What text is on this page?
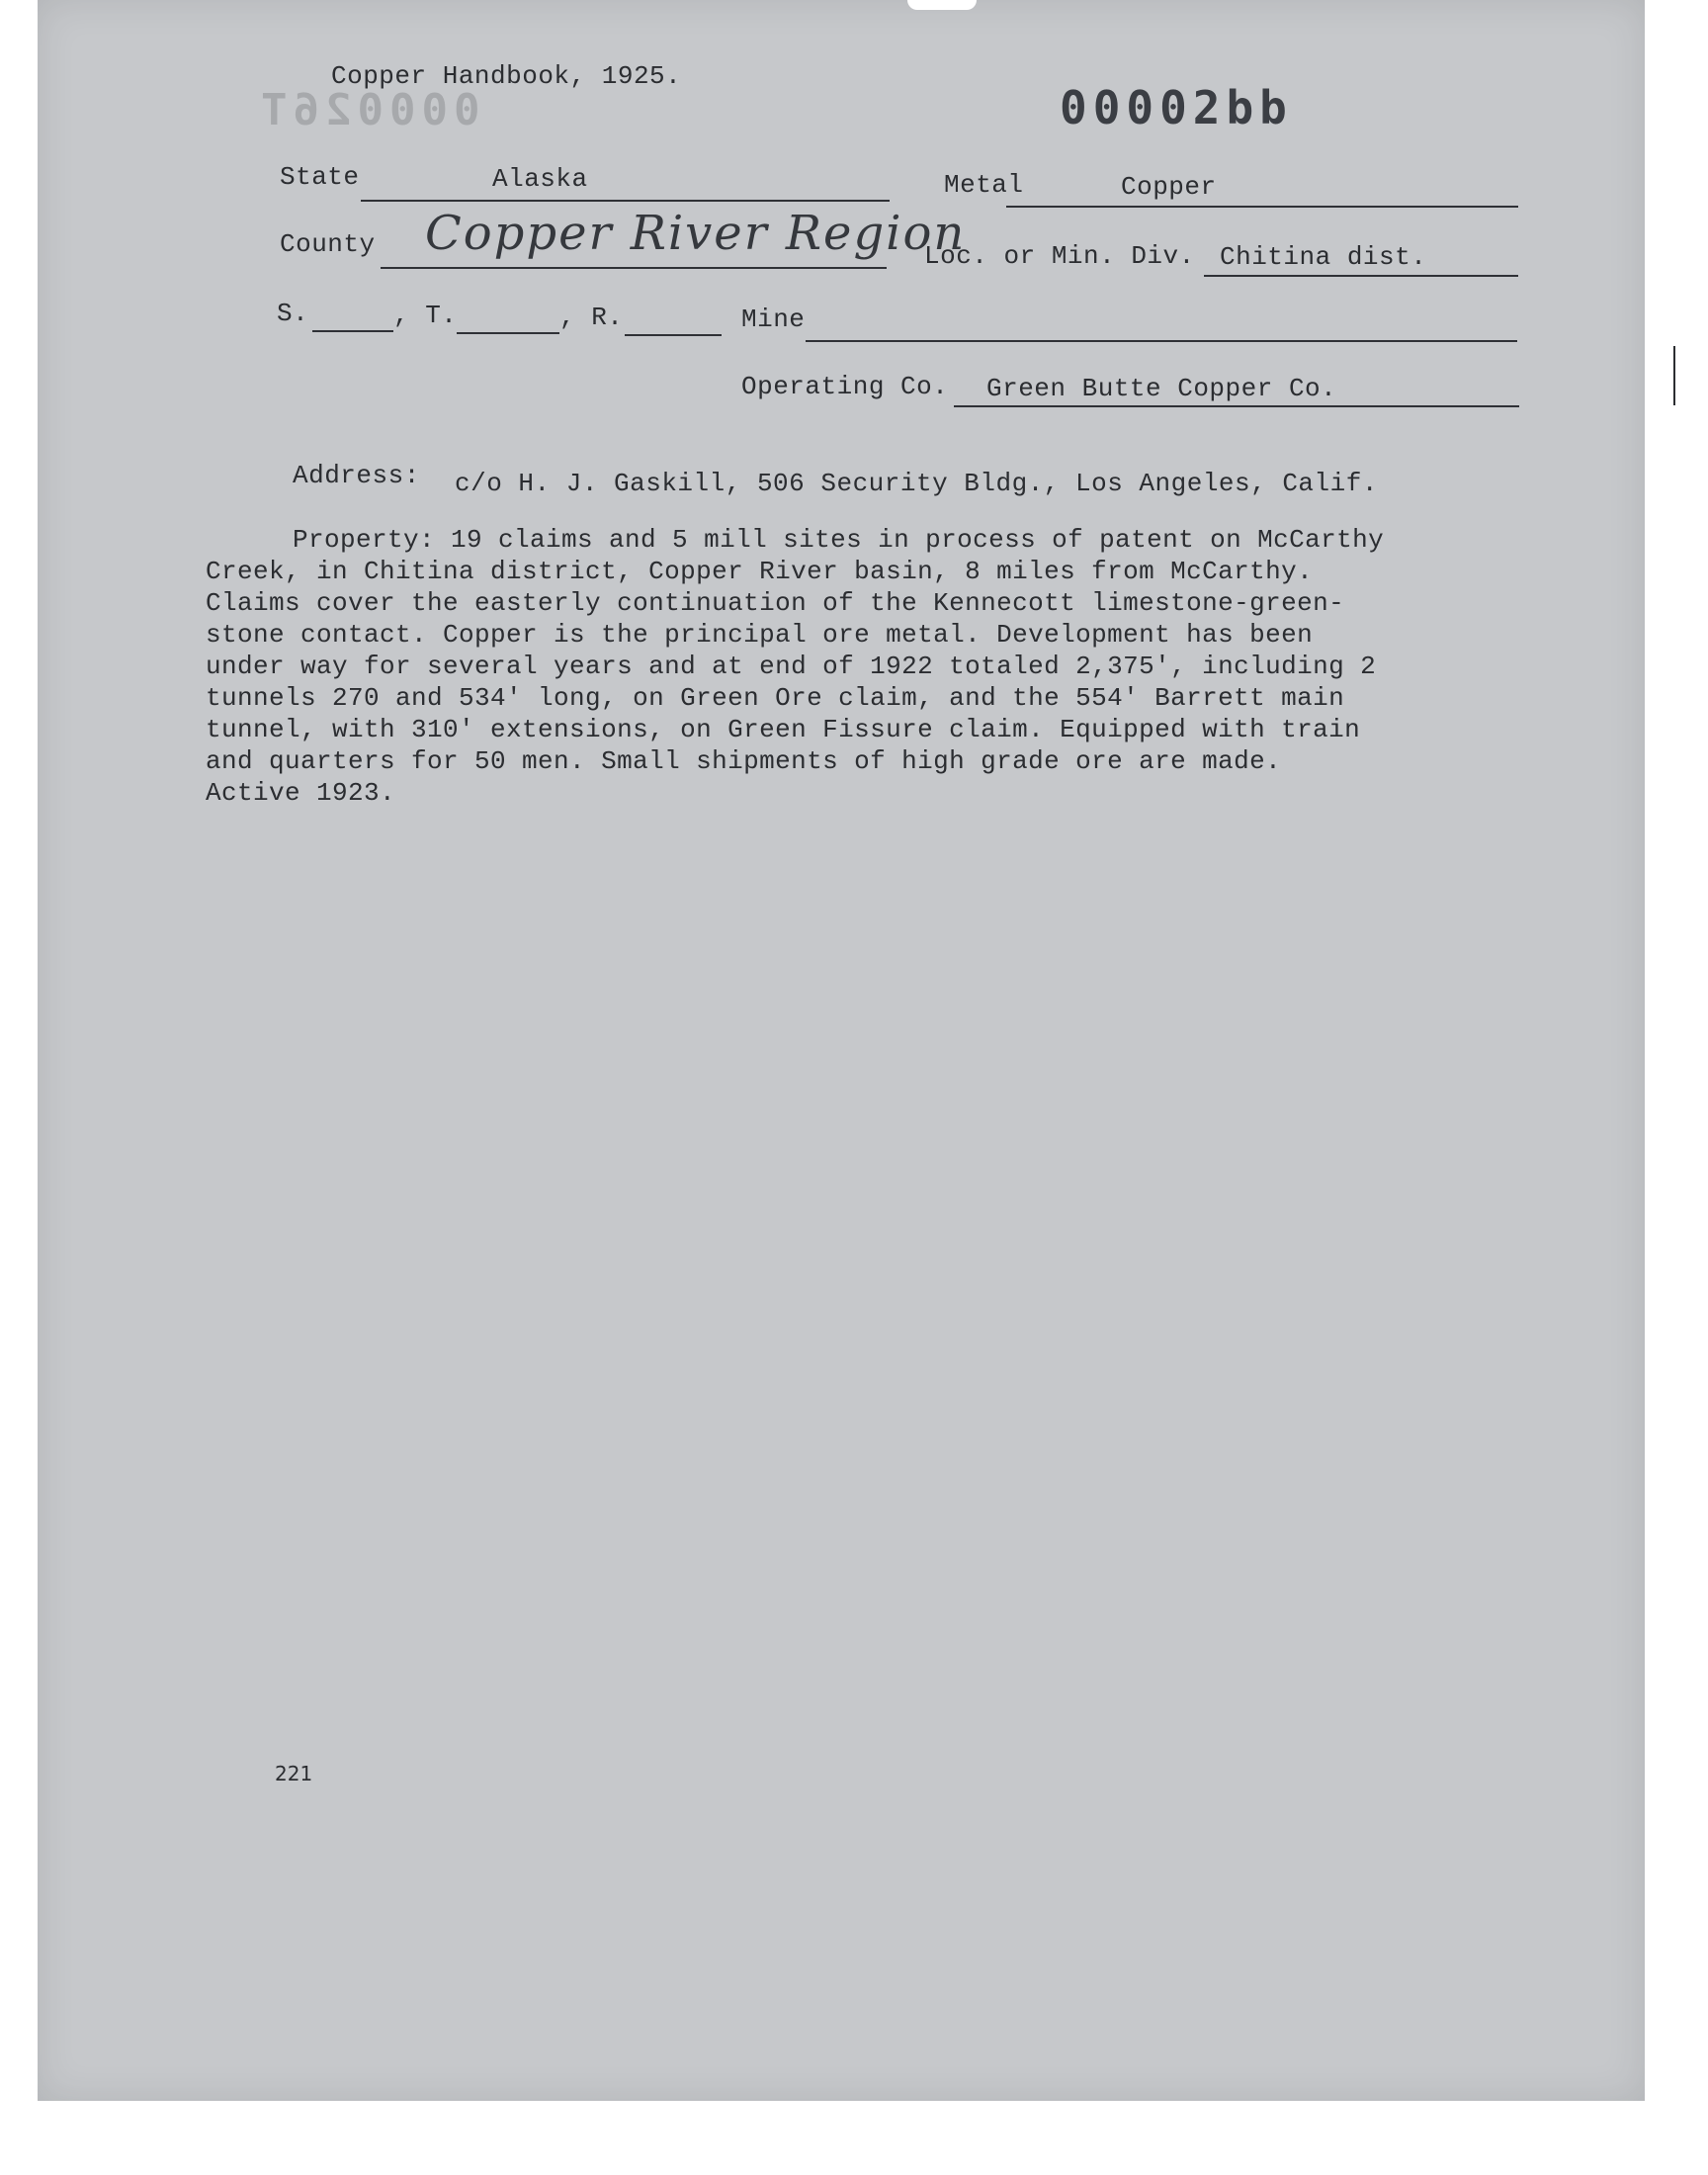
Copper Handbook, 1925.
000026T	00002bb
State	Alaska	Metal	Copper
County Copper River Region
Loc. or Min. Div. Chitina dist.
S.	, T.	, R.	Mine
Operating Co. Green Butte Copper Co.
Address: c/o H. J. Gaskill, 506 Security Bldg., Los Angeles, Calif.
Property: 19 claims and 5 mill sites in process of patent on McCarthy
Creek, in Chitina district, Copper River basin, 8 miles from McCarthy.
Claims cover the easterly continuation of the Kennecott limestone-green-
stone contact. Copper is the principal ore metal. Development has been
under way for several years and at end of 1922 totaled 2,375', including 2
tunnels 270 and 534' long, on Green Ore claim, and the 554' Barrett main
tunnel, with 310' extensions, on Green Fissure claim. Equipped with train
and quarters for 50 men. Small shipments of high grade ore are made.
Active 1923.
221
